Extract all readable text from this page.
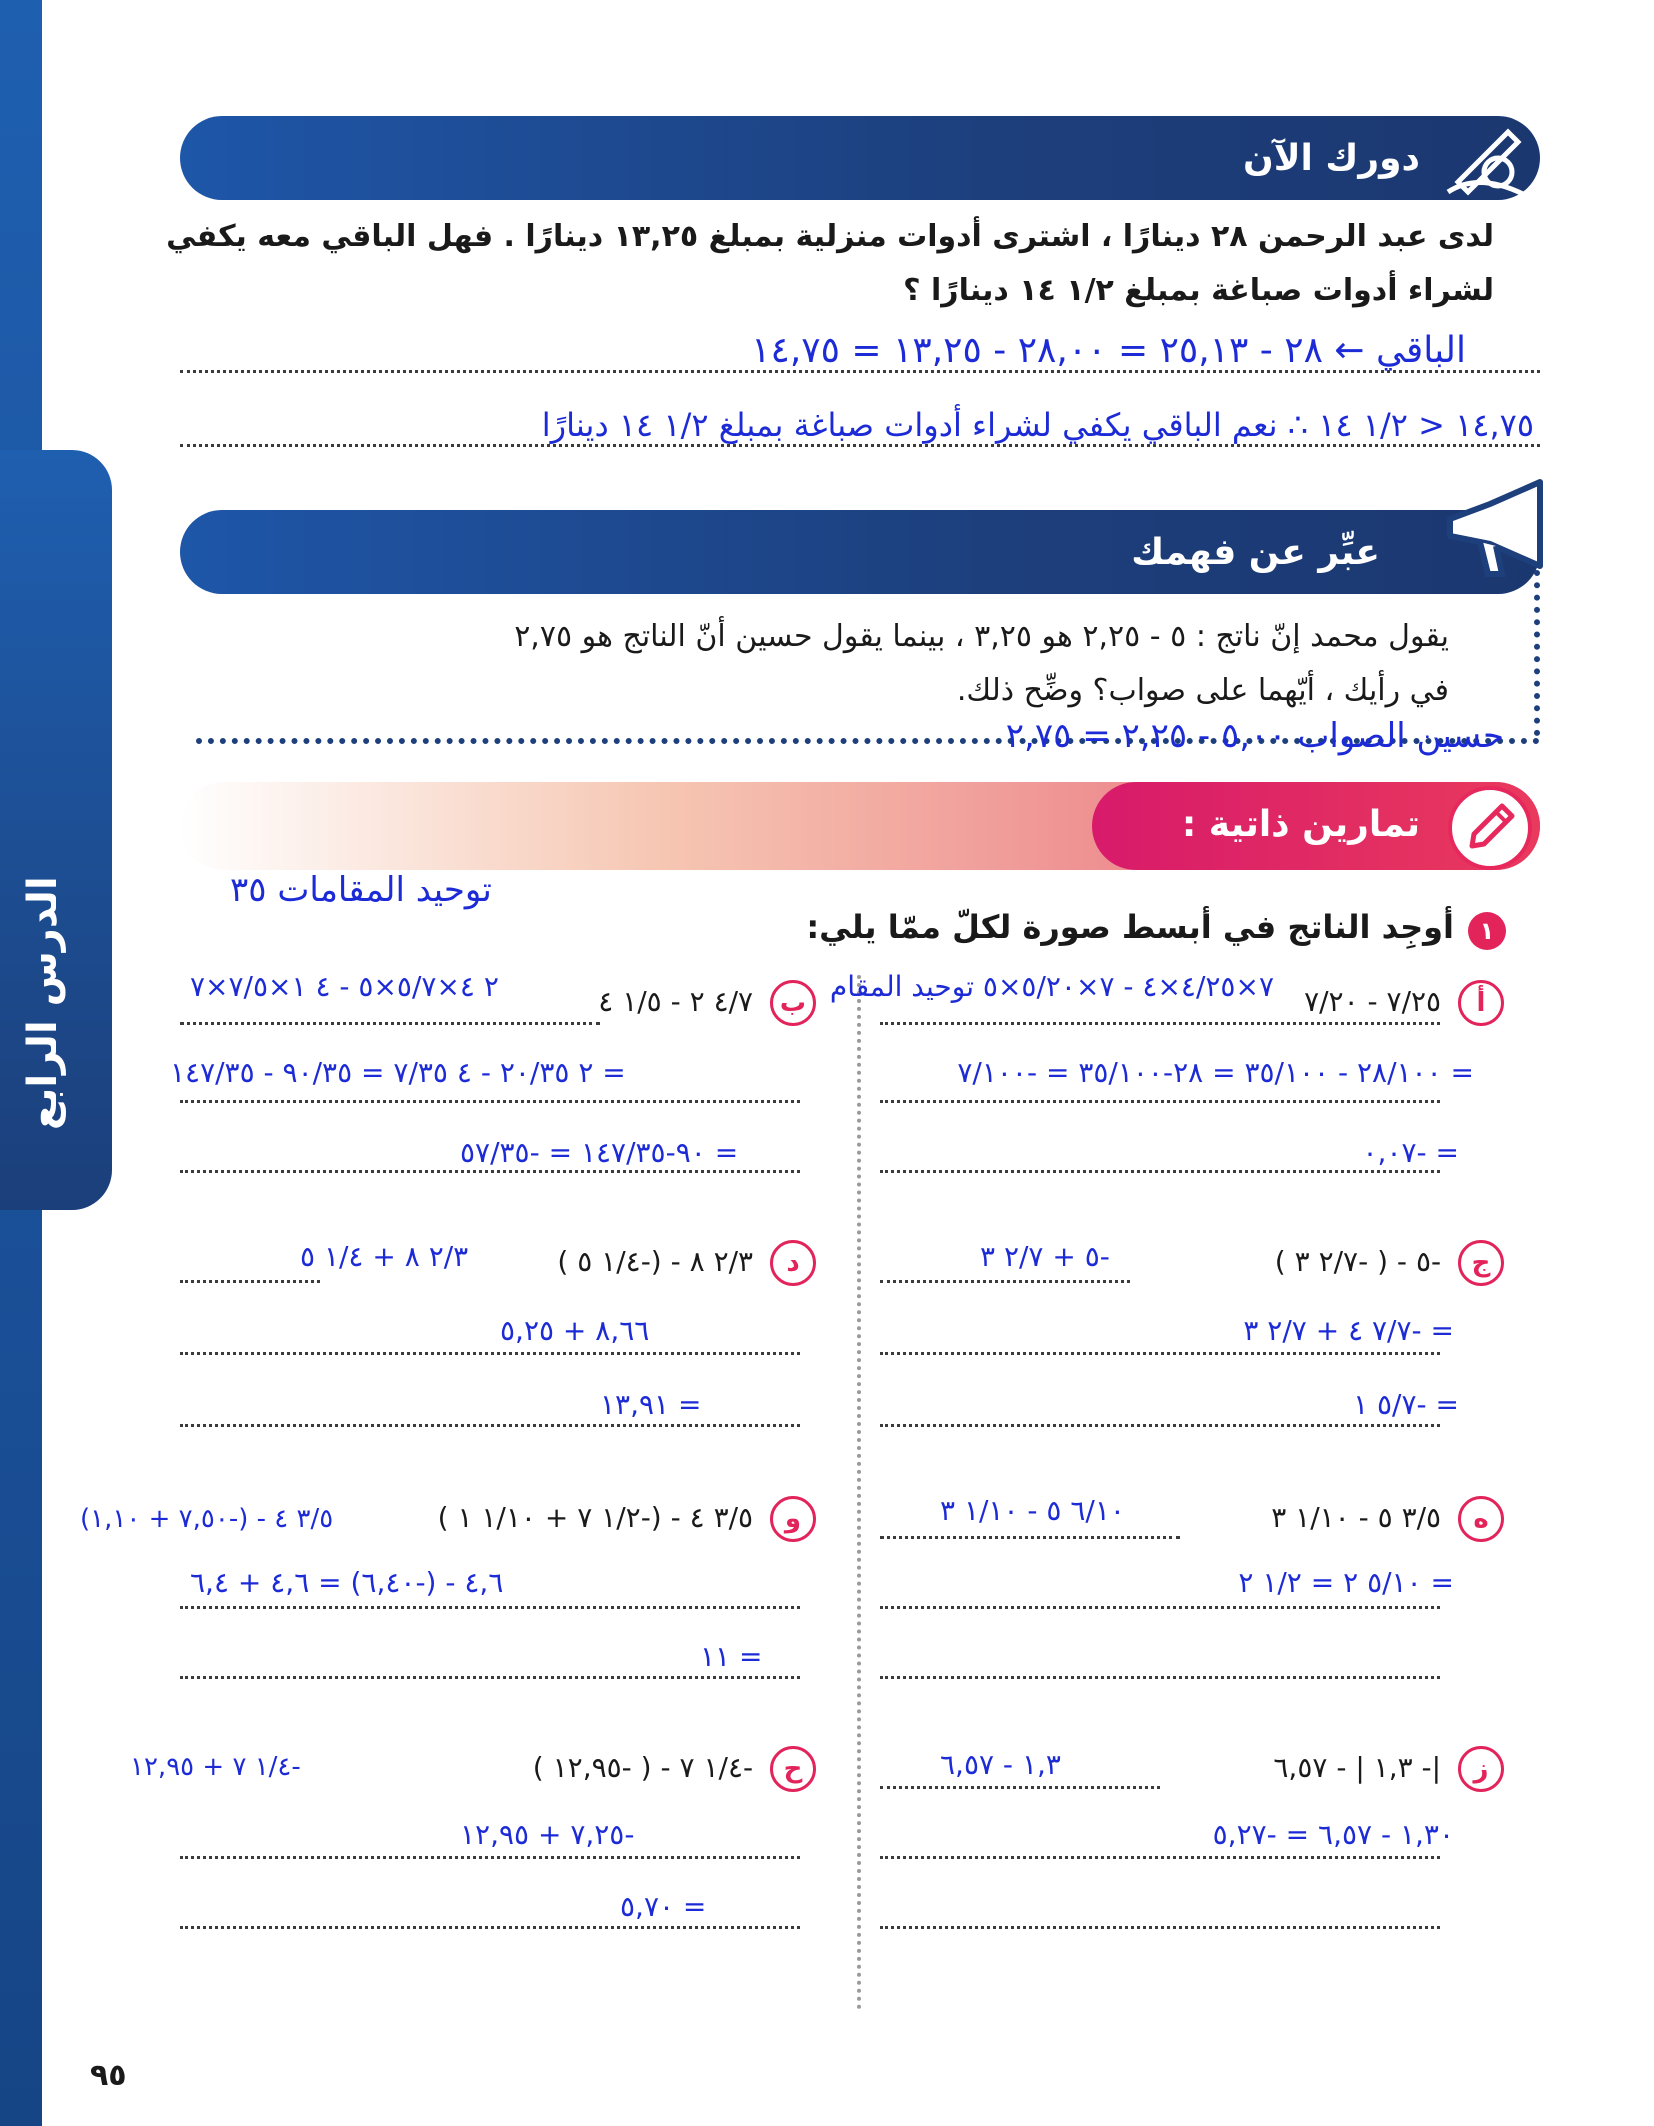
الدرس الرابع
دورك الآن
لدى عبد الرحمن ٢٨ دينارًا ، اشترى أدوات منزلية بمبلغ ١٣,٢٥ دينارًا . فهل الباقي معه يكفي
لشراء أدوات صباغة بمبلغ ١/٢ ١٤ دينارًا ؟
الباقي ← ٢٨ - ٢٥,١٣ = ٢٨,٠٠ - ١٣,٢٥ = ١٤,٧٥
١٤,٧٥ < ١/٢ ١٤ ∴ نعم الباقي يكفي لشراء أدوات صباغة بمبلغ ١/٢ ١٤ دينارًا
عبِّر عن فهمك
يقول محمد إنّ ناتج : ٥ - ٢,٢٥ هو ٣,٢٥ ، بينما يقول حسين أنّ الناتج هو ٢,٧٥
في رأيك ، أيّهما على صواب؟ وضِّح ذلك.
حسين الصواب ٥,٠٠ - ٢,٢٥ = ٢,٧٥
تمارين ذاتية :
توحيد المقامات ٣٥
١
أوجِد الناتج في أبسط صورة لكلّ ممّا يلي:
أ ٧/٢٥ - ٧/٢٠
٧×٤/٢٥×٤ - ٧×٥/٢٠×٥ توحيد المقام
= ٢٨/١٠٠ - ٣٥/١٠٠ = ٢٨-٣٥/١٠٠ = -٧/١٠٠
= -٠,٠٧
ب ٤/٧ ٢ - ١/٥ ٤
٢ ٤×٥/٧×٥ - ٤ ١×٧/٥×٧
= ٢ ٢٠/٣٥ - ٤ ٧/٣٥ = ٩٠/٣٥ - ١٤٧/٣٥
= ٩٠-١٤٧/٣٥ = -٥٧/٣٥
ج -٥ - ( -٢/٧ ٣ )
-٥ + ٢/٧ ٣
= -٧/٧ ٤ + ٢/٧ ٣
= -٥/٧ ١
د ٢/٣ ٨ - (-١/٤ ٥ )
٢/٣ ٨ + ١/٤ ٥
٨,٦٦ + ٥,٢٥
= ١٣,٩١
ه ٣/٥ ٥ - ١/١٠ ٣
٦/١٠ ٥ - ١/١٠ ٣
= ٥/١٠ ٢ = ١/٢ ٢
و ٣/٥ ٤ - (-١/٢ ٧ + ١/١٠ ١ )
٣/٥ ٤ - (-٧,٥٠ + ١,١٠)
٤,٦ - (-٦,٤٠) = ٤,٦ + ٦,٤
= ١١
ز |- ١,٣ | - ٦,٥٧
١,٣ - ٦,٥٧
١,٣٠ - ٦,٥٧ = -٥,٢٧
ح -١/٤ ٧ - ( -١٢,٩٥ )
-١/٤ ٧ + ١٢,٩٥
-٧,٢٥ + ١٢,٩٥
= ٥,٧٠
٩٥
